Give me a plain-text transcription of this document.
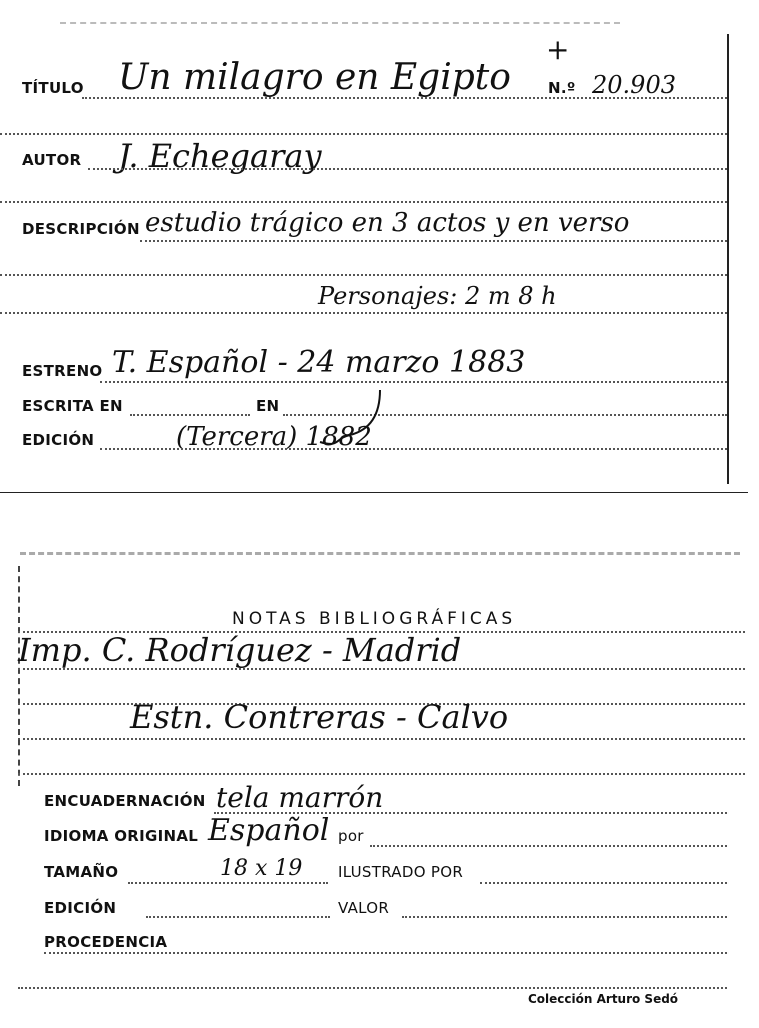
TÍTULO Un milagro en Egipto
+
N.º 20.903
AUTOR J. Echegaray
DESCRIPCIÓN estudio trágico en 3 actos y en verso
Personajes: 2 m 8 h
ESTRENO T. Español - 24 marzo 1883
ESCRITA EN	EN
EDICIÓN	(Tercera) 1882
NOTAS BIBLIOGRÁFICAS
Imp. C. Rodríguez - Madrid
Estn. Contreras - Calvo
ENCUADERNACIÓN tela marrón
IDIOMA ORIGINAL Español por
TAMAÑO	18 x 19 ILUSTRADO POR
EDICIÓN	VALOR
PROCEDENCIA
Colección Arturo Sedó
